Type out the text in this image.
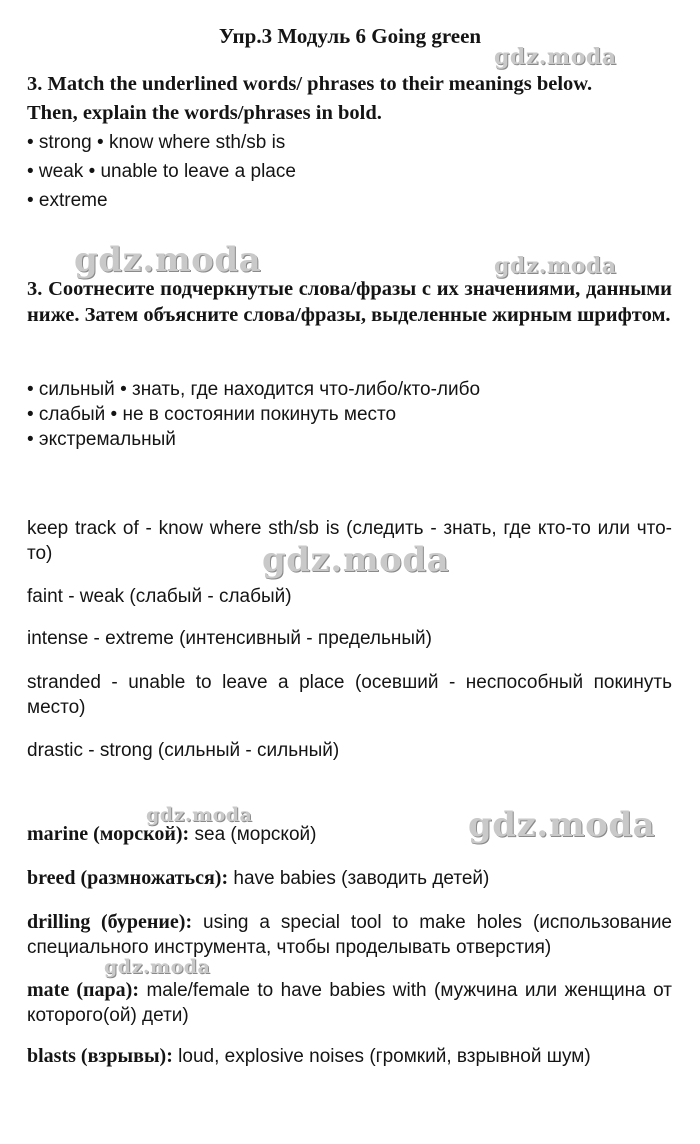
Упр.3 Модуль 6 Going green
3. Match the underlined words/ phrases to their meanings below.
Then, explain the words/phrases in bold.
• strong • know where sth/sb is
• weak • unable to leave a place
• extreme
3. Соотнесите подчеркнутые слова/фразы с их значениями, данными ниже. Затем объясните слова/фразы, выделенные жирным шрифтом.
• сильный • знать, где находится что-либо/кто-либо
• слабый • не в состоянии покинуть место
• экстремальный
keep track of - know where sth/sb is (следить - знать, где кто-то или что-то)
faint - weak (слабый - слабый)
intense - extreme (интенсивный - предельный)
stranded - unable to leave a place (осевший - неспособный покинуть место)
drastic - strong (сильный - сильный)
marine (морской): sea (морской)
breed (размножаться): have babies (заводить детей)
drilling (бурение): using a special tool to make holes (использование специального инструмента, чтобы проделывать отверстия)
mate (пара): male/female to have babies with (мужчина или женщина от которого(ой) дети)
blasts (взрывы): loud, explosive noises (громкий, взрывной шум)
gdz.moda
gdz.moda	gdz.moda
gdz.moda
gdz.moda	gdz.moda
gdz.moda
